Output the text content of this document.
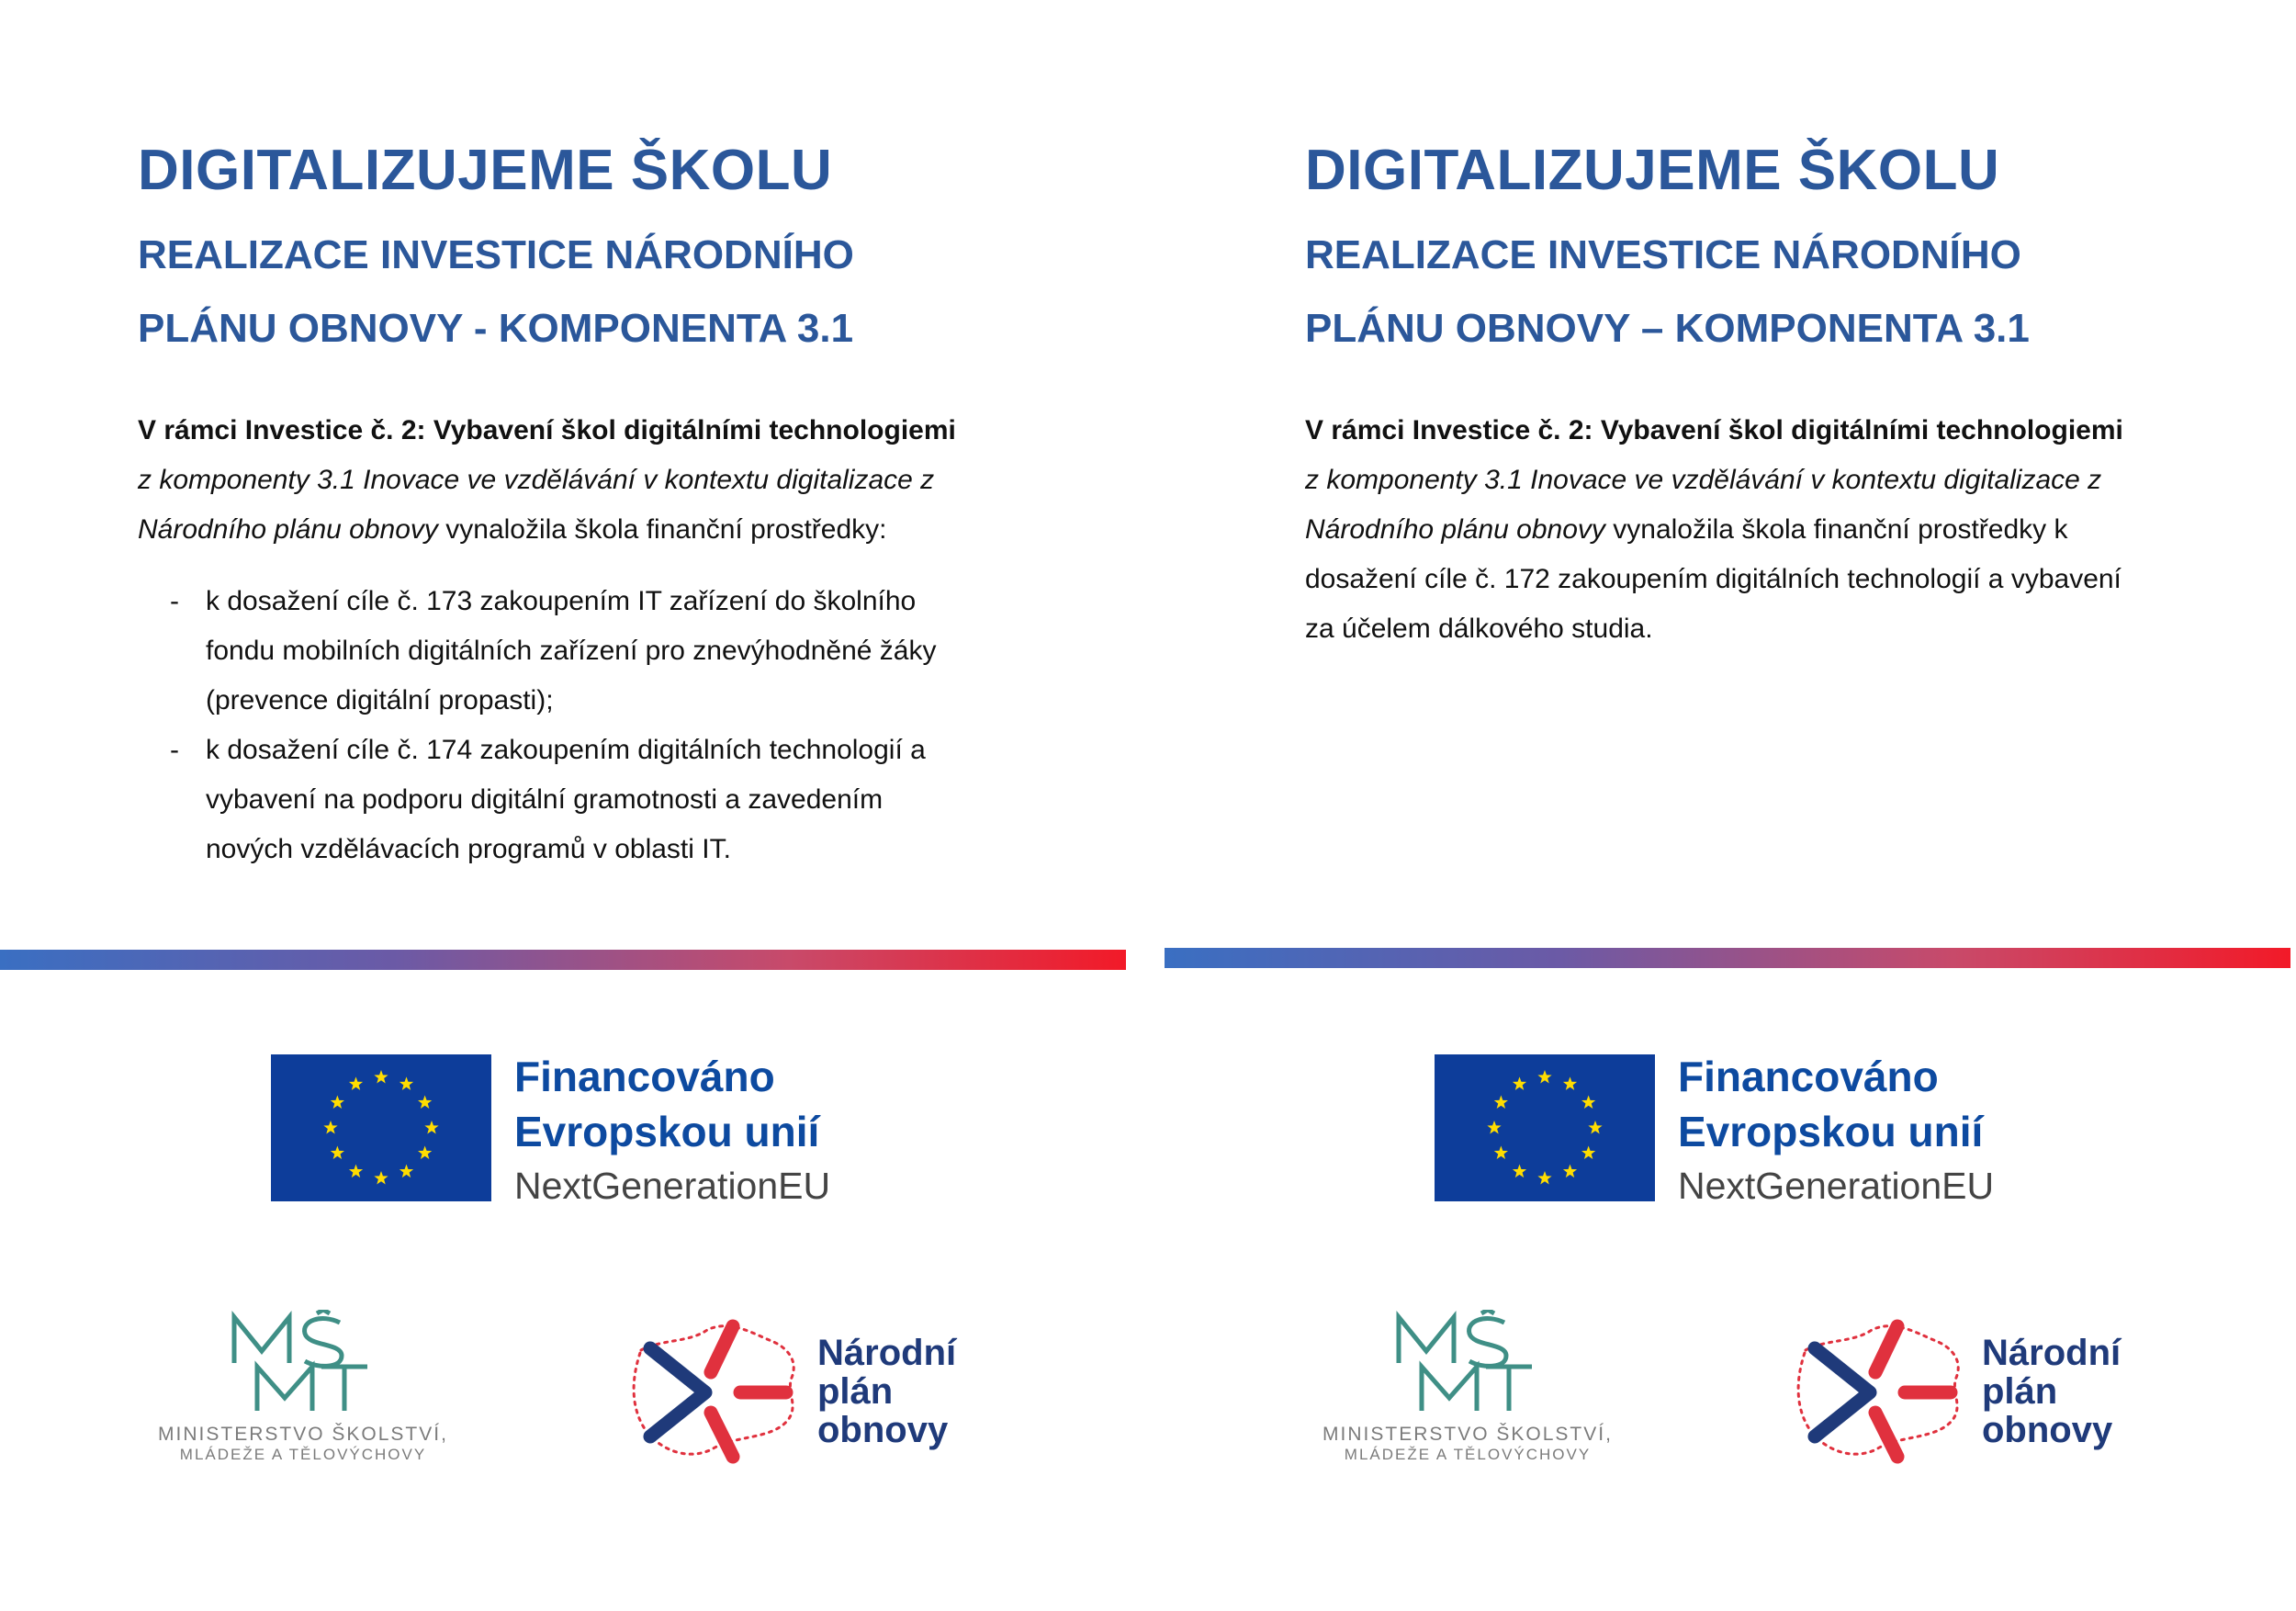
DIGITALIZUJEME ŠKOLU
REALIZACE INVESTICE NÁRODNÍHO
PLÁNU OBNOVY - KOMPONENTA 3.1
V rámci Investice č. 2: Vybavení škol digitálními technologiemi
z komponenty 3.1 Inovace ve vzdělávání v kontextu digitalizace z Národního plánu obnovy vynaložila škola finanční prostředky:
- k dosažení cíle č. 173 zakoupením IT zařízení do školního fondu mobilních digitálních zařízení pro znevýhodněné žáky (prevence digitální propasti);
- k dosažení cíle č. 174 zakoupením digitálních technologií a vybavení na podporu digitální gramotnosti a zavedením nových vzdělávacích programů v oblasti IT.
Financováno
Evropskou unií
NextGenerationEU
MINISTERSTVO ŠKOLSTVÍ,
MLÁDEŽE A TĚLOVÝCHOVY
Národní
plán
obnovy
DIGITALIZUJEME ŠKOLU
REALIZACE INVESTICE NÁRODNÍHO
PLÁNU OBNOVY – KOMPONENTA 3.1
V rámci Investice č. 2: Vybavení škol digitálními technologiemi
z komponenty 3.1 Inovace ve vzdělávání v kontextu digitalizace z Národního plánu obnovy vynaložila škola finanční prostředky k dosažení cíle č. 172 zakoupením digitálních technologií a vybavení za účelem dálkového studia.
Financováno
Evropskou unií
NextGenerationEU
MINISTERSTVO ŠKOLSTVÍ,
MLÁDEŽE A TĚLOVÝCHOVY
Národní
plán
obnovy
